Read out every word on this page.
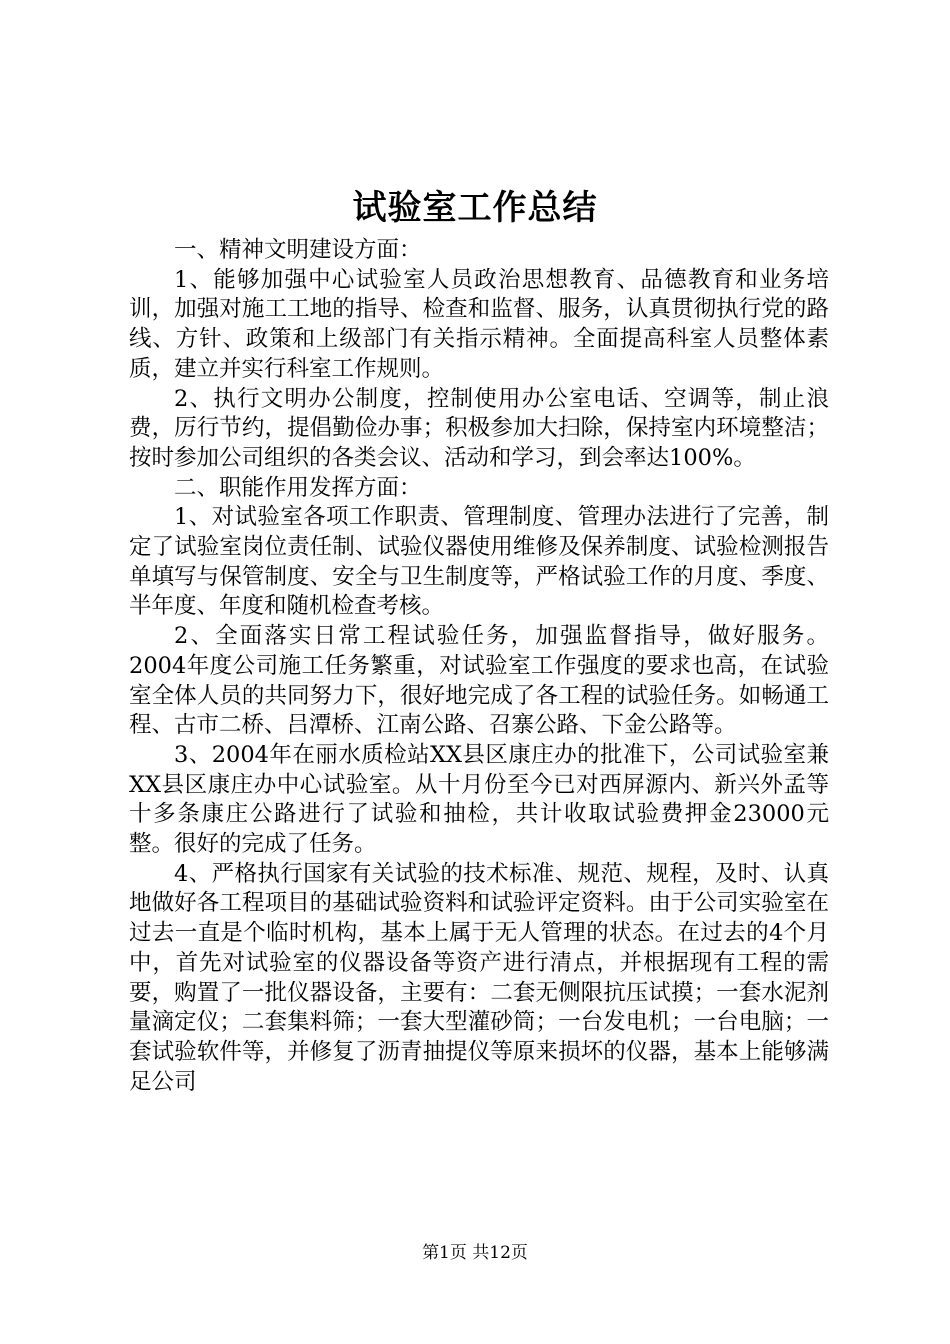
试验室工作总结

一、精神文明建设方面：

1、能够加强中心试验室人员政治思想教育、品德教育和业务培训，加强对施工工地的指导、检查和监督、服务，认真贯彻执行党的路线、方针、政策和上级部门有关指示精神。全面提高科室人员整体素质，建立并实行科室工作规则。

2、执行文明办公制度，控制使用办公室电话、空调等，制止浪费，厉行节约，提倡勤俭办事；积极参加大扫除，保持室内环境整洁；按时参加公司组织的各类会议、活动和学习，到会率达100%。

二、职能作用发挥方面：

1、对试验室各项工作职责、管理制度、管理办法进行了完善，制定了试验室岗位责任制、试验仪器使用维修及保养制度、试验检测报告单填写与保管制度、安全与卫生制度等，严格试验工作的月度、季度、半年度、年度和随机检查考核。

2、全面落实日常工程试验任务，加强监督指导，做好服务。2004年度公司施工任务繁重，对试验室工作强度的要求也高，在试验室全体人员的共同努力下，很好地完成了各工程的试验任务。如畅通工程、古市二桥、吕潭桥、江南公路、召寨公路、下金公路等。

3、2004年在丽水质检站XX县区康庄办的批准下，公司试验室兼XX县区康庄办中心试验室。从十月份至今已对西屏源内、新兴外孟等十多条康庄公路进行了试验和抽检，共计收取试验费押金23000元整。很好的完成了任务。

4、严格执行国家有关试验的技术标准、规范、规程，及时、认真地做好各工程项目的基础试验资料和试验评定资料。由于公司实验室在过去一直是个临时机构，基本上属于无人管理的状态。在过去的4个月中，首先对试验室的仪器设备等资产进行清点，并根据现有工程的需要，购置了一批仪器设备，主要有：二套无侧限抗压试摸；一套水泥剂量滴定仪；二套集料筛；一套大型灌砂筒；一台发电机；一台电脑；一套试验软件等，并修复了沥青抽提仪等原来损坏的仪器，基本上能够满足公司

第1页 共12页
